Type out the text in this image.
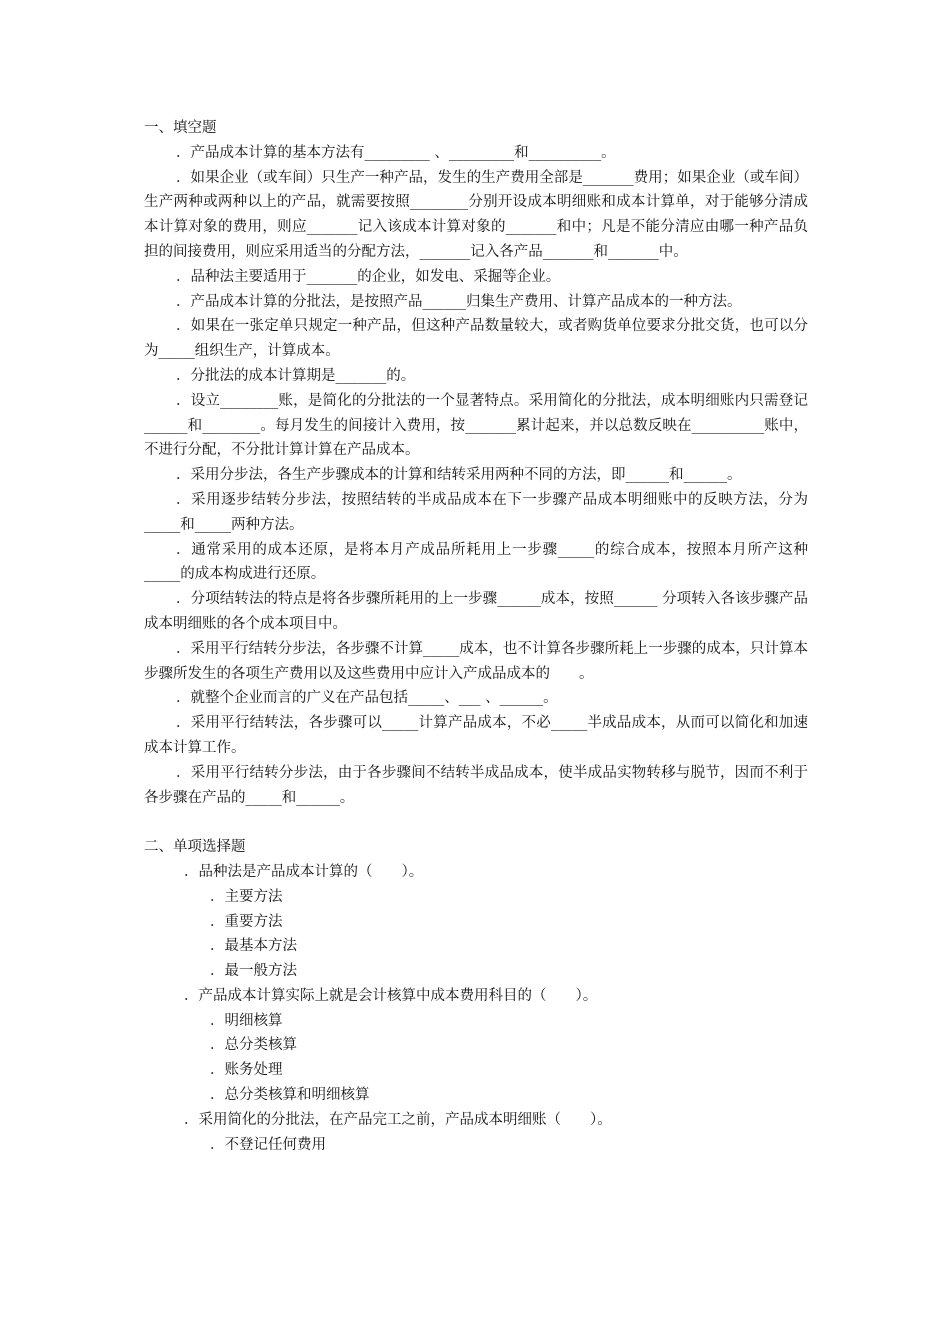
一、填空题

．产品成本计算的基本方法有_________ 、_________和__________。

．如果企业（或车间）只生产一种产品，发生的生产费用全部是_______费用；如果企业（或车间）生产两种或两种以上的产品，就需要按照________分别开设成本明细账和成本计算单，对于能够分清成本计算对象的费用，则应_______记入该成本计算对象的_______和中；凡是不能分清应由哪一种产品负担的间接费用，则应采用适当的分配方法，_______记入各产品_______和_______中。

．品种法主要适用于_______的企业，如发电、采掘等企业。

．产品成本计算的分批法，是按照产品______归集生产费用、计算产品成本的一种方法。

．如果在一张定单只规定一种产品，但这种产品数量较大，或者购货单位要求分批交货，也可以分为_____组织生产，计算成本。

．分批法的成本计算期是_______的。

．设立________账，是简化的分批法的一个显著特点。采用简化的分批法，成本明细账内只需登记______和________。每月发生的间接计入费用，按_______累计起来，并以总数反映在__________账中，不进行分配，不分批计算计算在产品成本。

．采用分步法，各生产步骤成本的计算和结转采用两种不同的方法，即______和______。

．采用逐步结转分步法，按照结转的半成品成本在下一步骤产品成本明细账中的反映方法，分为 _____和_____两种方法。

．通常采用的成本还原，是将本月产成品所耗用上一步骤_____的综合成本，按照本月所产这种_____的成本构成进行还原。

．分项结转法的特点是将各步骤所耗用的上一步骤______成本，按照______ 分项转入各该步骤产品成本明细账的各个成本项目中。

．采用平行结转分步法，各步骤不计算_____成本，也不计算各步骤所耗上一步骤的成本，只计算本步骤所发生的各项生产费用以及这些费用中应计入产成品成本的　　。

．就整个企业而言的广义在产品包括_____、___ 、______。

．采用平行结转法，各步骤可以_____计算产品成本，不必_____半成品成本，从而可以简化和加速成本计算工作。

．采用平行结转分步法，由于各步骤间不结转半成品成本，使半成品实物转移与脱节，因而不利于各步骤在产品的_____和______。

二、单项选择题

．品种法是产品成本计算的（　　）。

．主要方法

．重要方法

．最基本方法

．最一般方法

．产品成本计算实际上就是会计核算中成本费用科目的（　　）。

．明细核算

．总分类核算

．账务处理

．总分类核算和明细核算

．采用简化的分批法，在产品完工之前，产品成本明细账（　　）。

．不登记任何费用
